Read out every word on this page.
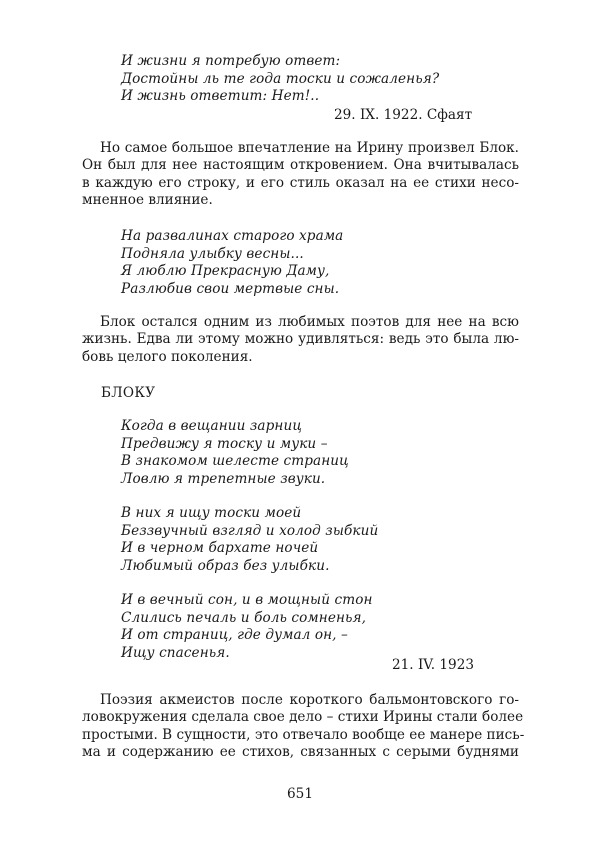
И жизни я потребую ответ:
Достойны ль те года тоски и сожаленья?
И жизнь ответит: Нет!..
29. IX. 1922. Сфаят
Но самое большое впечатление на Ирину произвел Блок.
Он был для нее настоящим откровением. Она вчитывалась
в каждую его строку, и его стиль оказал на ее стихи несо-
мненное влияние.
На развалинах старого храма
Подняла улыбку весны...
Я люблю Прекрасную Даму,
Разлюбив свои мертвые сны.
Блок остался одним из любимых поэтов для нее на всю
жизнь. Едва ли этому можно удивляться: ведь это была лю-
бовь целого поколения.
БЛОКУ
Когда в вещании зарниц
Предвижу я тоску и муки –
В знакомом шелесте страниц
Ловлю я трепетные звуки.
В них я ищу тоски моей
Беззвучный взгляд и холод зыбкий
И в черном бархате ночей
Любимый образ без улыбки.
И в вечный сон, и в мощный стон
Слились печаль и боль сомненья,
И от страниц, где думал он, –
Ищу спасенья.
21. IV. 1923
Поэзия акмеистов после короткого бальмонтовского го-
ловокружения сделала свое дело – стихи Ирины стали более
простыми. В сущности, это отвечало вообще ее манере пись-
ма и содержанию ее стихов, связанных с серыми буднями
651
